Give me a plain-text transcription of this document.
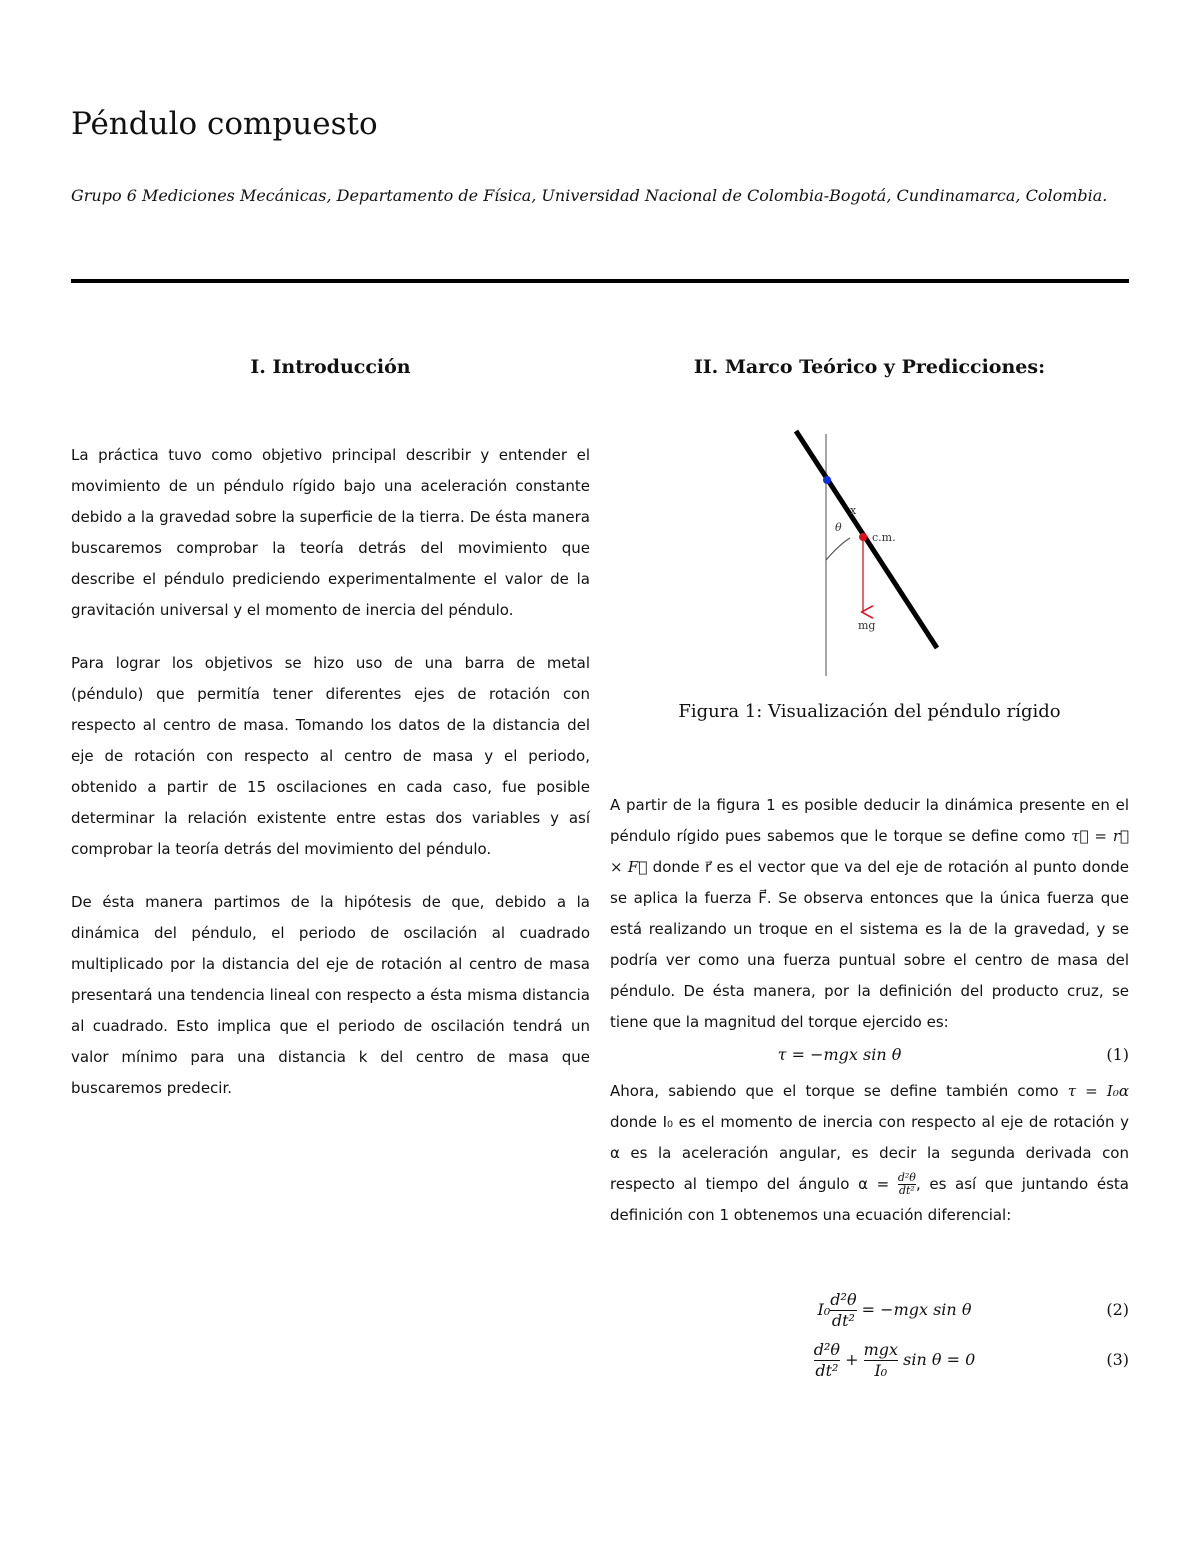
Péndulo compuesto

Grupo 6 Mediciones Mecánicas, Departamento de Física, Universidad Nacional de Colombia-Bogotá, Cundinamarca, Colombia.

I. Introducción

La práctica tuvo como objetivo principal describir y entender el movimiento de un péndulo rígido bajo una aceleración constante debido a la gravedad sobre la superficie de la tierra. De ésta manera buscaremos comprobar la teoría detrás del movimiento que describe el péndulo prediciendo experimentalmente el valor de la gravitación universal y el momento de inercia del péndulo.

Para lograr los objetivos se hizo uso de una barra de metal (péndulo) que permitía tener diferentes ejes de rotación con respecto al centro de masa. Tomando los datos de la distancia del eje de rotación con respecto al centro de masa y el periodo, obtenido a partir de 15 oscilaciones en cada caso, fue posible determinar la relación existente entre estas dos variables y así comprobar la teoría detrás del movimiento del péndulo.

De ésta manera partimos de la hipótesis de que, debido a la dinámica del péndulo, el periodo de oscilación al cuadrado multiplicado por la distancia del eje de rotación al centro de masa presentará una tendencia lineal con respecto a ésta misma distancia al cuadrado. Esto implica que el periodo de oscilación tendrá un valor mínimo para una distancia k del centro de masa que buscaremos predecir.

II. Marco Teórico y Predicciones:
x
θ
c.m.
mg
Figura 1: Visualización del péndulo rígido

A partir de la figura 1 es posible deducir la dinámica presente en el péndulo rígido pues sabemos que le torque se define como τ⃗ = r⃗ × F⃗ donde r⃗ es el vector que va del eje de rotación al punto donde se aplica la fuerza F⃗. Se observa entonces que la única fuerza que está realizando un troque en el sistema es la de la gravedad, y se podría ver como una fuerza puntual sobre el centro de masa del péndulo. De ésta manera, por la definición del producto cruz, se tiene que la magnitud del torque ejercido es:

τ = −mgx sin θ	(1)

Ahora, sabiendo que el torque se define también como τ = I₀α donde I₀ es el momento de inercia con respecto al eje de rotación y α es la aceleración angular, es decir la segunda derivada con respecto al tiempo del ángulo $\alpha = \frac{\text{d²θ}}{\text{dt²}}$ , es así que juntando ésta definición con 1 obtenemos una ecuación diferencial:

$I_0 \frac{\text{d²θ}}{\text{dt²}} = -mgx$ sin θ	(2)
$\frac{\text{d²θ}}{\text{dt²}} + \frac{\text{mgx}}{\text{I₀}}$ sin θ = 0	(3)
